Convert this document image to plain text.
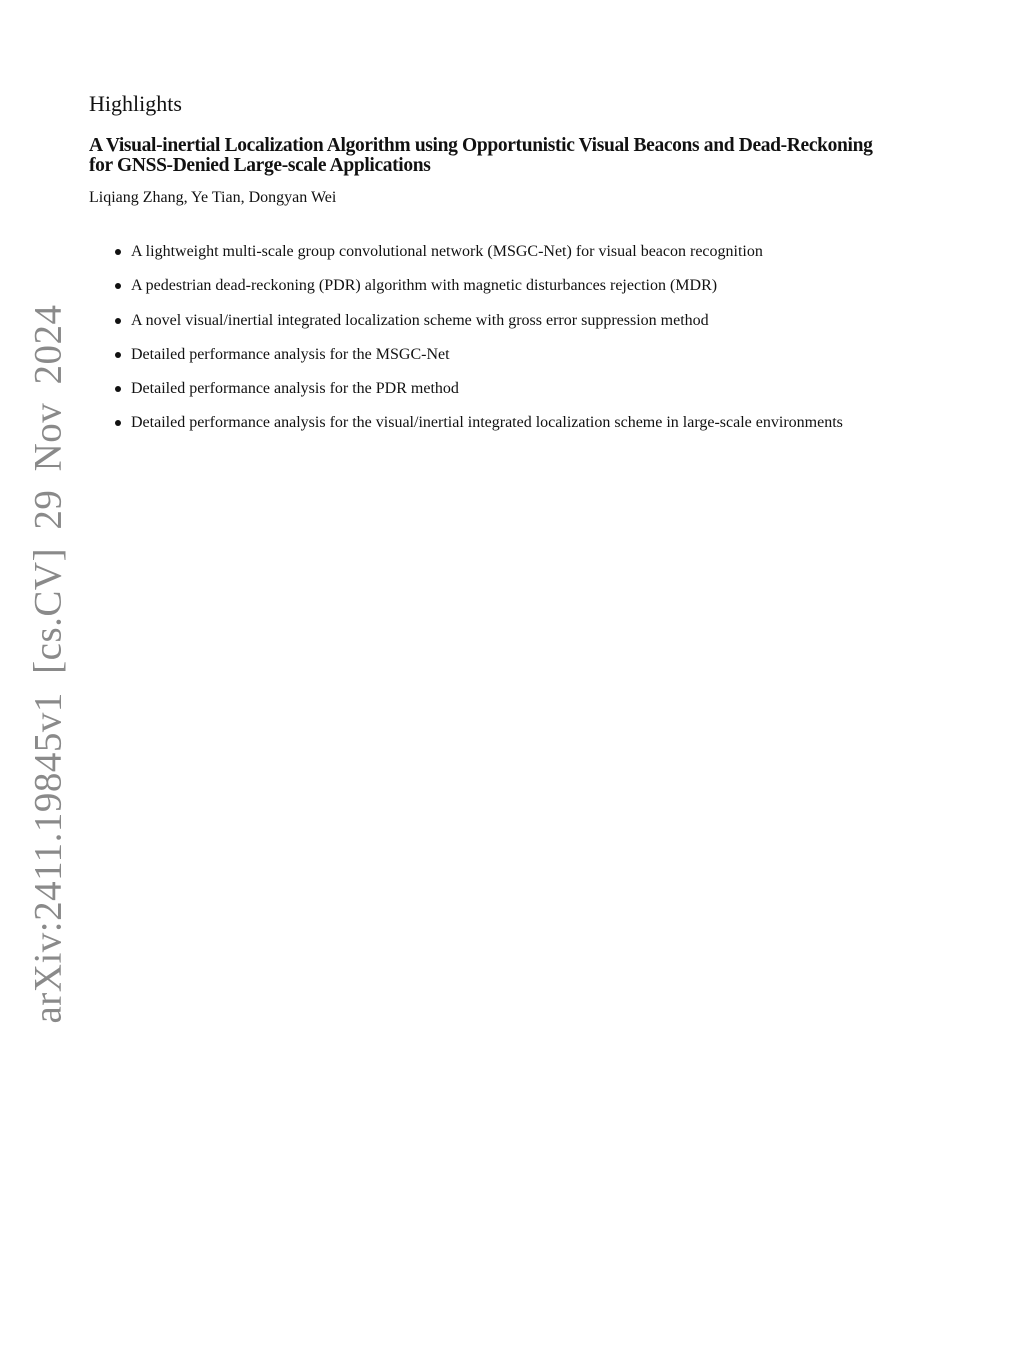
arXiv:2411.19845v1 [cs.CV] 29 Nov 2024
Highlights
A Visual-inertial Localization Algorithm using Opportunistic Visual Beacons and Dead-Reckoning
for GNSS-Denied Large-scale Applications

Liqiang Zhang, Ye Tian, Dongyan Wei

A lightweight multi-scale group convolutional network (MSGC-Net) for visual beacon recognition
A pedestrian dead-reckoning (PDR) algorithm with magnetic disturbances rejection (MDR)
A novel visual/inertial integrated localization scheme with gross error suppression method
Detailed performance analysis for the MSGC-Net
Detailed performance analysis for the PDR method
Detailed performance analysis for the visual/inertial integrated localization scheme in large-scale environments
